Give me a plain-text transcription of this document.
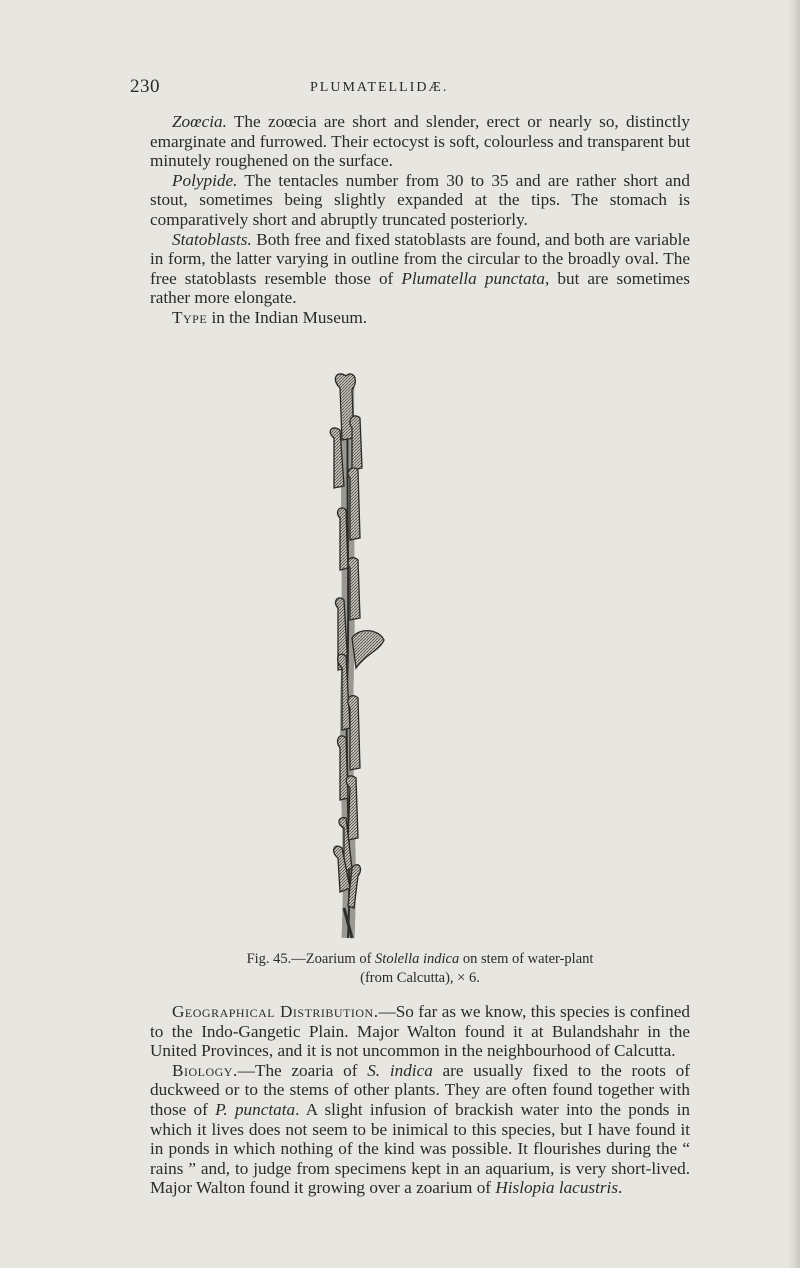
230	PLUMATELLIDÆ.

Zoœcia. The zoœcia are short and slender, erect or nearly so, distinctly emarginate and furrowed. Their ectocyst is soft, colourless and transparent but minutely roughened on the surface.

Polypide. The tentacles number from 30 to 35 and are rather short and stout, sometimes being slightly expanded at the tips. The stomach is comparatively short and abruptly truncated posteriorly.

Statoblasts. Both free and fixed statoblasts are found, and both are variable in form, the latter varying in outline from the circular to the broadly oval. The free statoblasts resemble those of Plumatella punctata, but are sometimes rather more elongate.

Type in the Indian Museum.

Fig. 45.—Zoarium of Stolella indica on stem of water-plant
(from Calcutta), × 6.

Geographical Distribution.—So far as we know, this species is confined to the Indo-Gangetic Plain. Major Walton found it at Bulandshahr in the United Provinces, and it is not uncommon in the neighbourhood of Calcutta.

Biology.—The zoaria of S. indica are usually fixed to the roots of duckweed or to the stems of other plants. They are often found together with those of P. punctata. A slight infusion of brackish water into the ponds in which it lives does not seem to be inimical to this species, but I have found it in ponds in which nothing of the kind was possible. It flourishes during the “ rains ” and, to judge from specimens kept in an aquarium, is very short-lived. Major Walton found it growing over a zoarium of Hislopia lacustris.
